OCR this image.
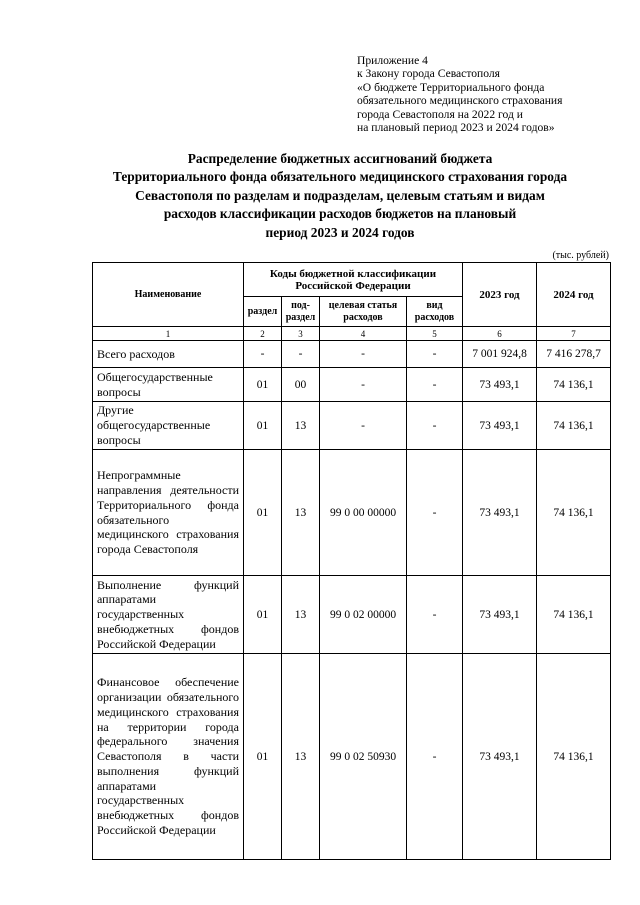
Приложение 4
к Закону города Севастополя
«О бюджете Территориального фонда
обязательного медицинского страхования
города Севастополя на 2022 год и
на плановый период 2023 и 2024 годов»
Распределение бюджетных ассигнований бюджета
Территориального фонда обязательного медицинского страхования города
Севастополя по разделам и подразделам, целевым статьям и видам
расходов классификации расходов бюджетов на плановый
период 2023 и 2024 годов
(тыс. рублей)
Наименование	Коды бюджетной классификации Российской Федерации				2023 год	2024 год
	раздел	под-раздел	целевая статья расходов	вид расходов		
1	2	3	4	5	6	7

Всего расходов	-	-	-	-	7 001 924,8	7 416 278,7

Общегосударственные вопросы	01	00	-	-	73 493,1	74 136,1

Другие общегосударственные вопросы	01	13	-	-	73 493,1	74 136,1
Непрограммные направления деятельности Территориального фонда обязательного медицинского страхования города Севастополя	01	13	99 0 00 00000	-	73 493,1	74 136,1
Выполнение функций аппаратами государственных внебюджетных фондов Российской Федерации	01	13	99 0 02 00000	-	73 493,1	74 136,1
Финансовое обеспечение организации обязательного медицинского страхования на территории города федерального значения Севастополя в части выполнения функций аппаратами государственных внебюджетных фондов Российской Федерации	01	13	99 0 02 50930	-	73 493,1	74 136,1
